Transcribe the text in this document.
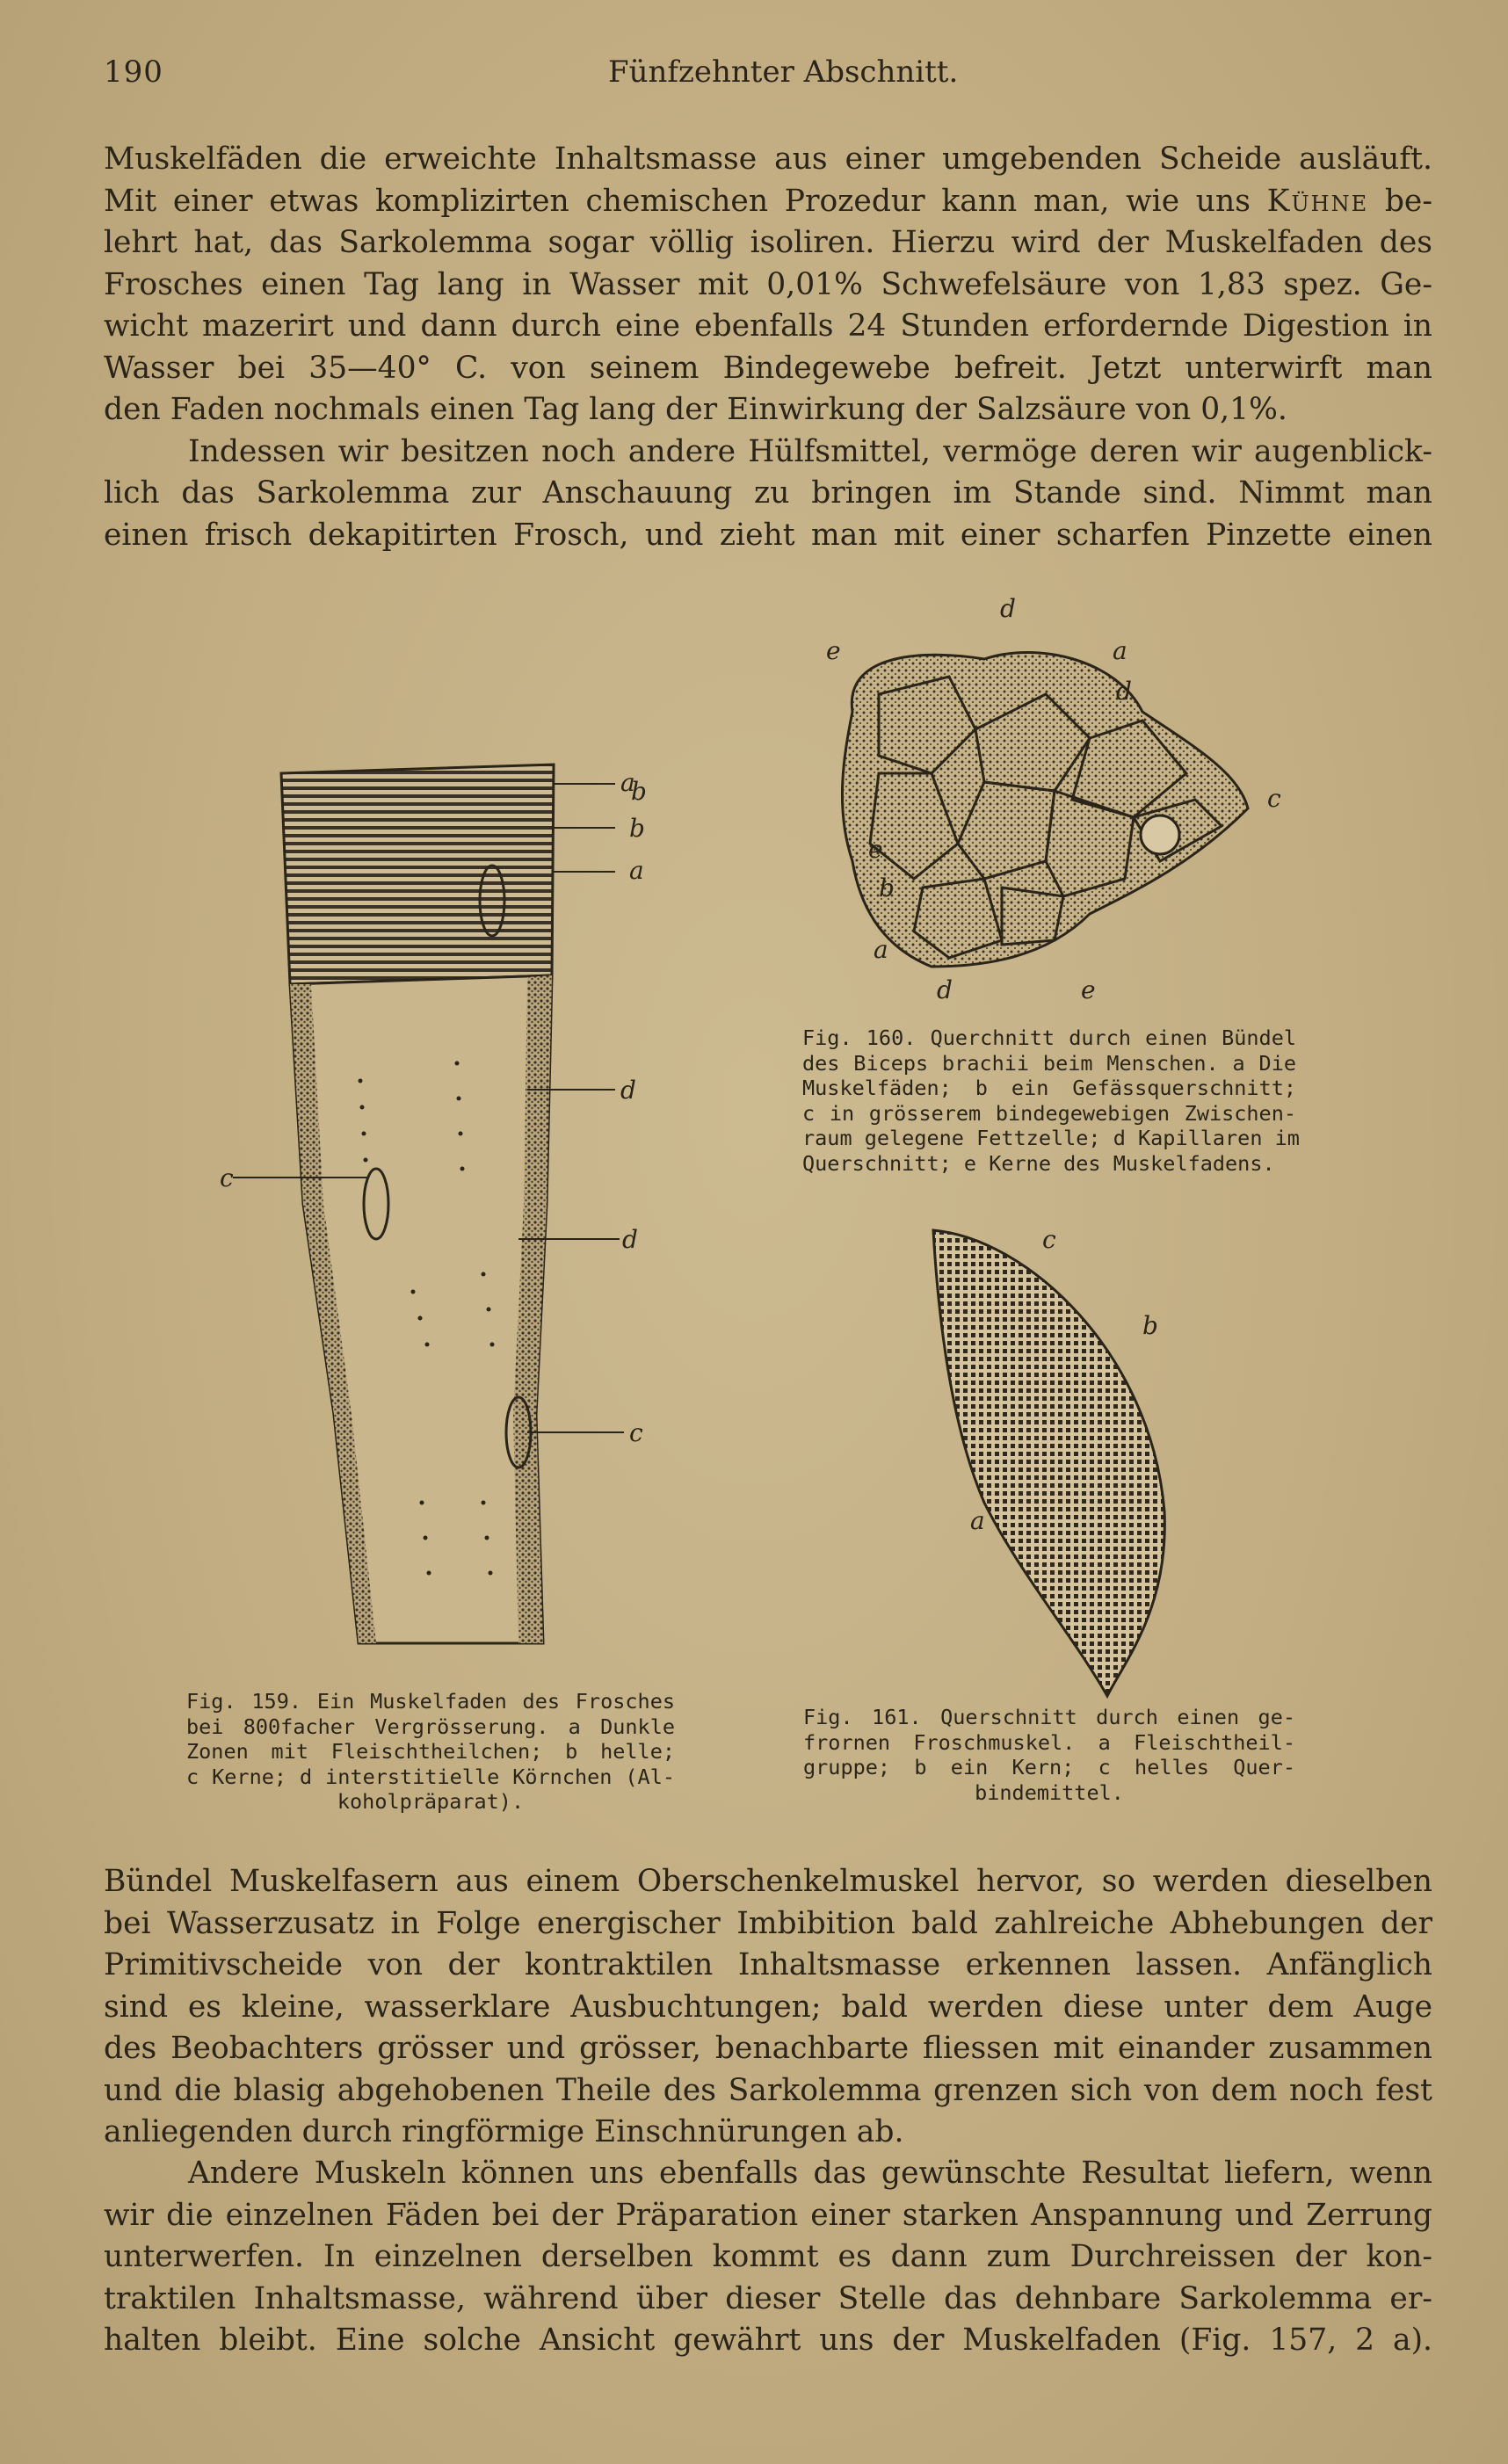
190	Fünfzehnter Abschnitt.
Muskelfäden die erweichte Inhaltsmasse aus einer umgebenden Scheide ausläuft.
Mit einer etwas komplizirten chemischen Prozedur kann man, wie uns Kühne be-
lehrt hat, das Sarkolemma sogar völlig isoliren. Hierzu wird der Muskelfaden des
Frosches einen Tag lang in Wasser mit 0,01% Schwefelsäure von 1,83 spez. Ge-
wicht mazerirt und dann durch eine ebenfalls 24 Stunden erfordernde Digestion in
Wasser bei 35—40° C. von seinem Bindegewebe befreit. Jetzt unterwirft man
den Faden nochmals einen Tag lang der Einwirkung der Salzsäure von 0,1%.
Indessen wir besitzen noch andere Hülfsmittel, vermöge deren wir augenblick-
lich das Sarkolemma zur Anschauung zu bringen im Stande sind. Nimmt man
einen frisch dekapitirten Frosch, und zieht man mit einer scharfen Pinzette einen
a
b
b
a
d
c
d
c
d
e	a
d
c
e
b
a
d	e
c
b
a
Fig. 159. Ein Muskelfaden des Frosches
bei 800facher Vergrösserung. a Dunkle
Zonen mit Fleischtheilchen; b helle;
c Kerne; d interstitielle Körnchen (Al-
koholpräparat).
Fig. 160. Querchnitt durch einen Bündel
des Biceps brachii beim Menschen. a Die
Muskelfäden; b ein Gefässquerschnitt;
c in grösserem bindegewebigen Zwischen-
raum gelegene Fettzelle; d Kapillaren im
Querschnitt; e Kerne des Muskelfadens.
Fig. 161. Querschnitt durch einen ge-
frornen Froschmuskel. a Fleischtheil-
gruppe; b ein Kern; c helles Quer-
bindemittel.
Bündel Muskelfasern aus einem Oberschenkelmuskel hervor, so werden dieselben
bei Wasserzusatz in Folge energischer Imbibition bald zahlreiche Abhebungen der
Primitivscheide von der kontraktilen Inhaltsmasse erkennen lassen. Anfänglich
sind es kleine, wasserklare Ausbuchtungen; bald werden diese unter dem Auge
des Beobachters grösser und grösser, benachbarte fliessen mit einander zusammen
und die blasig abgehobenen Theile des Sarkolemma grenzen sich von dem noch fest
anliegenden durch ringförmige Einschnürungen ab.
Andere Muskeln können uns ebenfalls das gewünschte Resultat liefern, wenn
wir die einzelnen Fäden bei der Präparation einer starken Anspannung und Zerrung
unterwerfen. In einzelnen derselben kommt es dann zum Durchreissen der kon-
traktilen Inhaltsmasse, während über dieser Stelle das dehnbare Sarkolemma er-
halten bleibt. Eine solche Ansicht gewährt uns der Muskelfaden (Fig. 157, 2 a).
